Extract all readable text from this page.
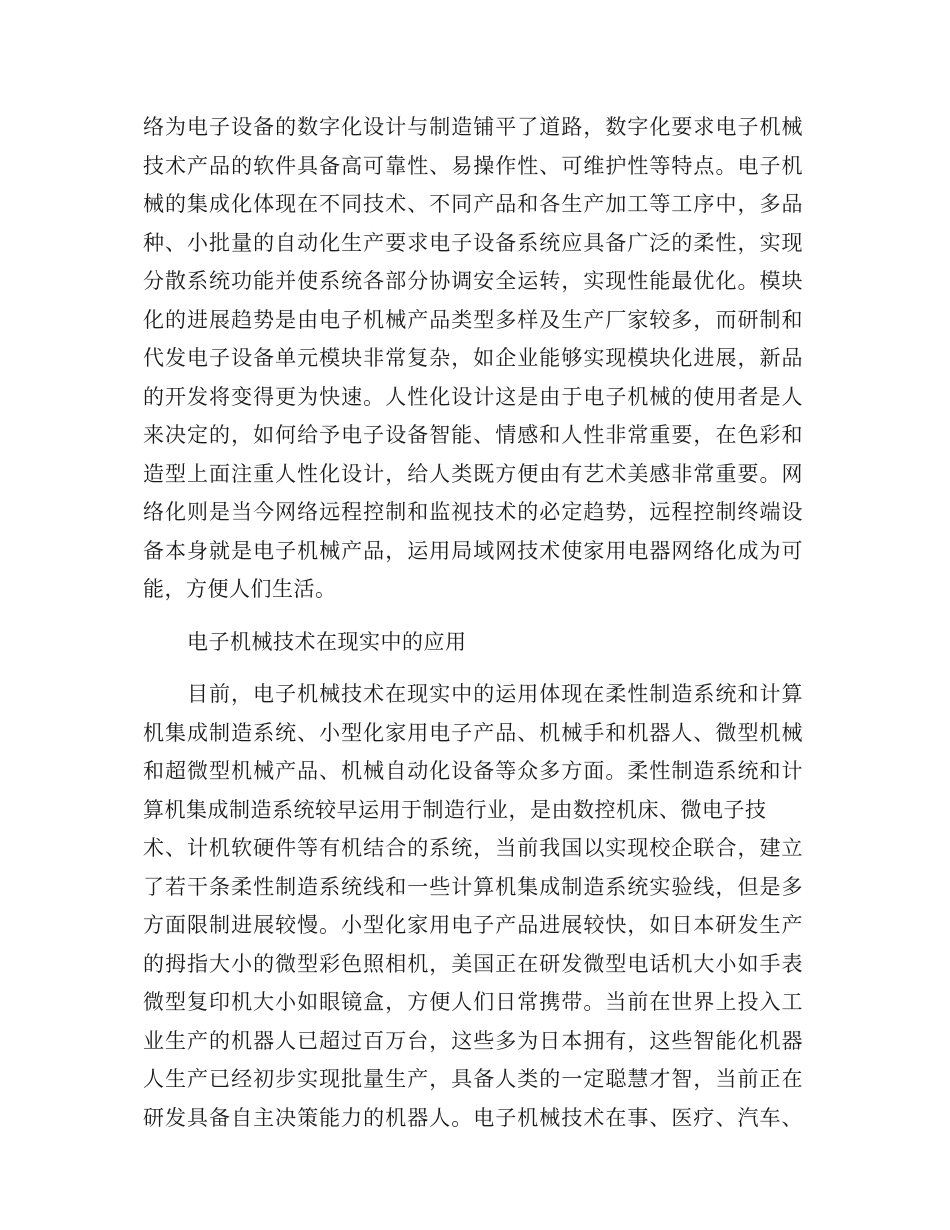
络为电子设备的数字化设计与制造铺平了道路，数字化要求电子机械
技术产品的软件具备高可靠性、易操作性、可维护性等特点。电子机
械的集成化体现在不同技术、不同产品和各生产加工等工序中，多品
种、小批量的自动化生产要求电子设备系统应具备广泛的柔性，实现
分散系统功能并使系统各部分协调安全运转，实现性能最优化。模块
化的进展趋势是由电子机械产品类型多样及生产厂家较多，而研制和
代发电子设备单元模块非常复杂，如企业能够实现模块化进展，新品
的开发将变得更为快速。人性化设计这是由于电子机械的使用者是人
来决定的，如何给予电子设备智能、情感和人性非常重要，在色彩和
造型上面注重人性化设计，给人类既方便由有艺术美感非常重要。网
络化则是当今网络远程控制和监视技术的必定趋势，远程控制终端设
备本身就是电子机械产品，运用局域网技术使家用电器网络化成为可
能，方便人们生活。
电子机械技术在现实中的应用
目前，电子机械技术在现实中的运用体现在柔性制造系统和计算
机集成制造系统、小型化家用电子产品、机械手和机器人、微型机械
和超微型机械产品、机械自动化设备等众多方面。柔性制造系统和计
算机集成制造系统较早运用于制造行业，是由数控机床、微电子技
术、计机软硬件等有机结合的系统，当前我国以实现校企联合，建立
了若干条柔性制造系统线和一些计算机集成制造系统实验线，但是多
方面限制进展较慢。小型化家用电子产品进展较快，如日本研发生产
的拇指大小的微型彩色照相机，美国正在研发微型电话机大小如手表
微型复印机大小如眼镜盒，方便人们日常携带。当前在世界上投入工
业生产的机器人已超过百万台，这些多为日本拥有，这些智能化机器
人生产已经初步实现批量生产，具备人类的一定聪慧才智，当前正在
研发具备自主决策能力的机器人。电子机械技术在事、医疗、汽车、
